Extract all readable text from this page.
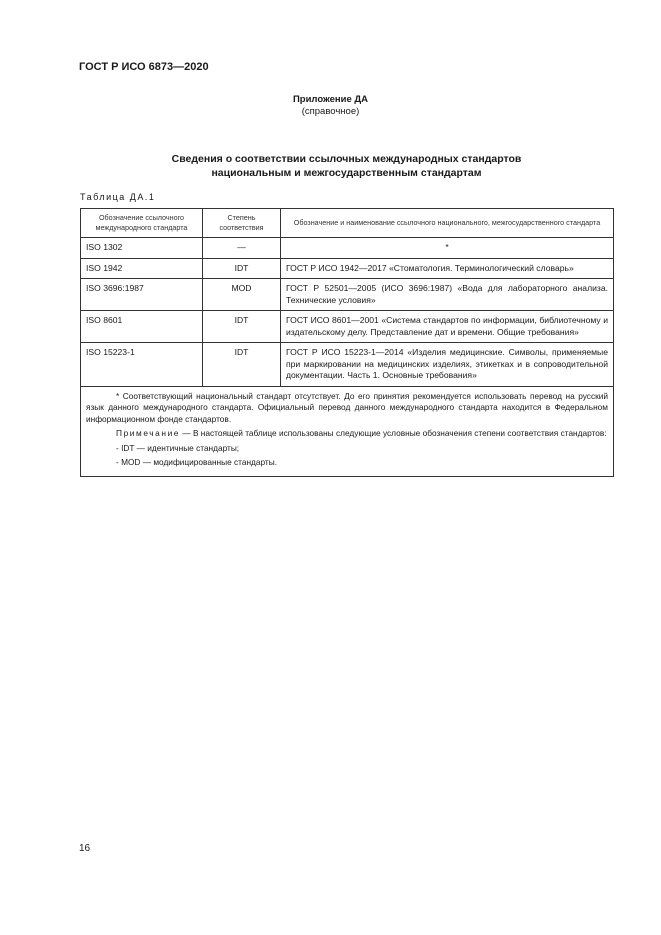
ГОСТ Р ИСО 6873—2020
Приложение ДА
(справочное)
Сведения о соответствии ссылочных международных стандартов
национальным и межгосударственным стандартам
Таблица ДА.1
Обозначение ссылочного международного стандарта	Степень соответствия	Обозначение и наименование ссылочного национального, межгосударственного стандарта
ISO 1302	—	*
ISO 1942	IDT	ГОСТ Р ИСО 1942—2017 «Стоматология. Терминологический словарь»
ISO 3696:1987	MOD	ГОСТ Р 52501—2005 (ИСО 3696:1987) «Вода для лабораторного анализа. Технические условия»
ISO 8601	IDT	ГОСТ ИСО 8601—2001 «Система стандартов по информации, библиотечному и издательскому делу. Представление дат и времени. Общие требования»
ISO 15223-1	IDT	ГОСТ Р ИСО 15223-1—2014 «Изделия медицинские. Символы, применяемые при маркировании на медицинских изделиях, этикетках и в сопроводительной документации. Часть 1. Основные требования»

* Соответствующий национальный стандарт отсутствует. До его принятия рекомендуется использовать перевод на русский язык данного международного стандарта. Официальный перевод данного международного стандарта находится в Федеральном информационном фонде стандартов.

Примечание — В настоящей таблице использованы следующие условные обозначения степени соответствия стандартов:

- IDT — идентичные стандарты;

- MOD — модифицированные стандарты.		

16
